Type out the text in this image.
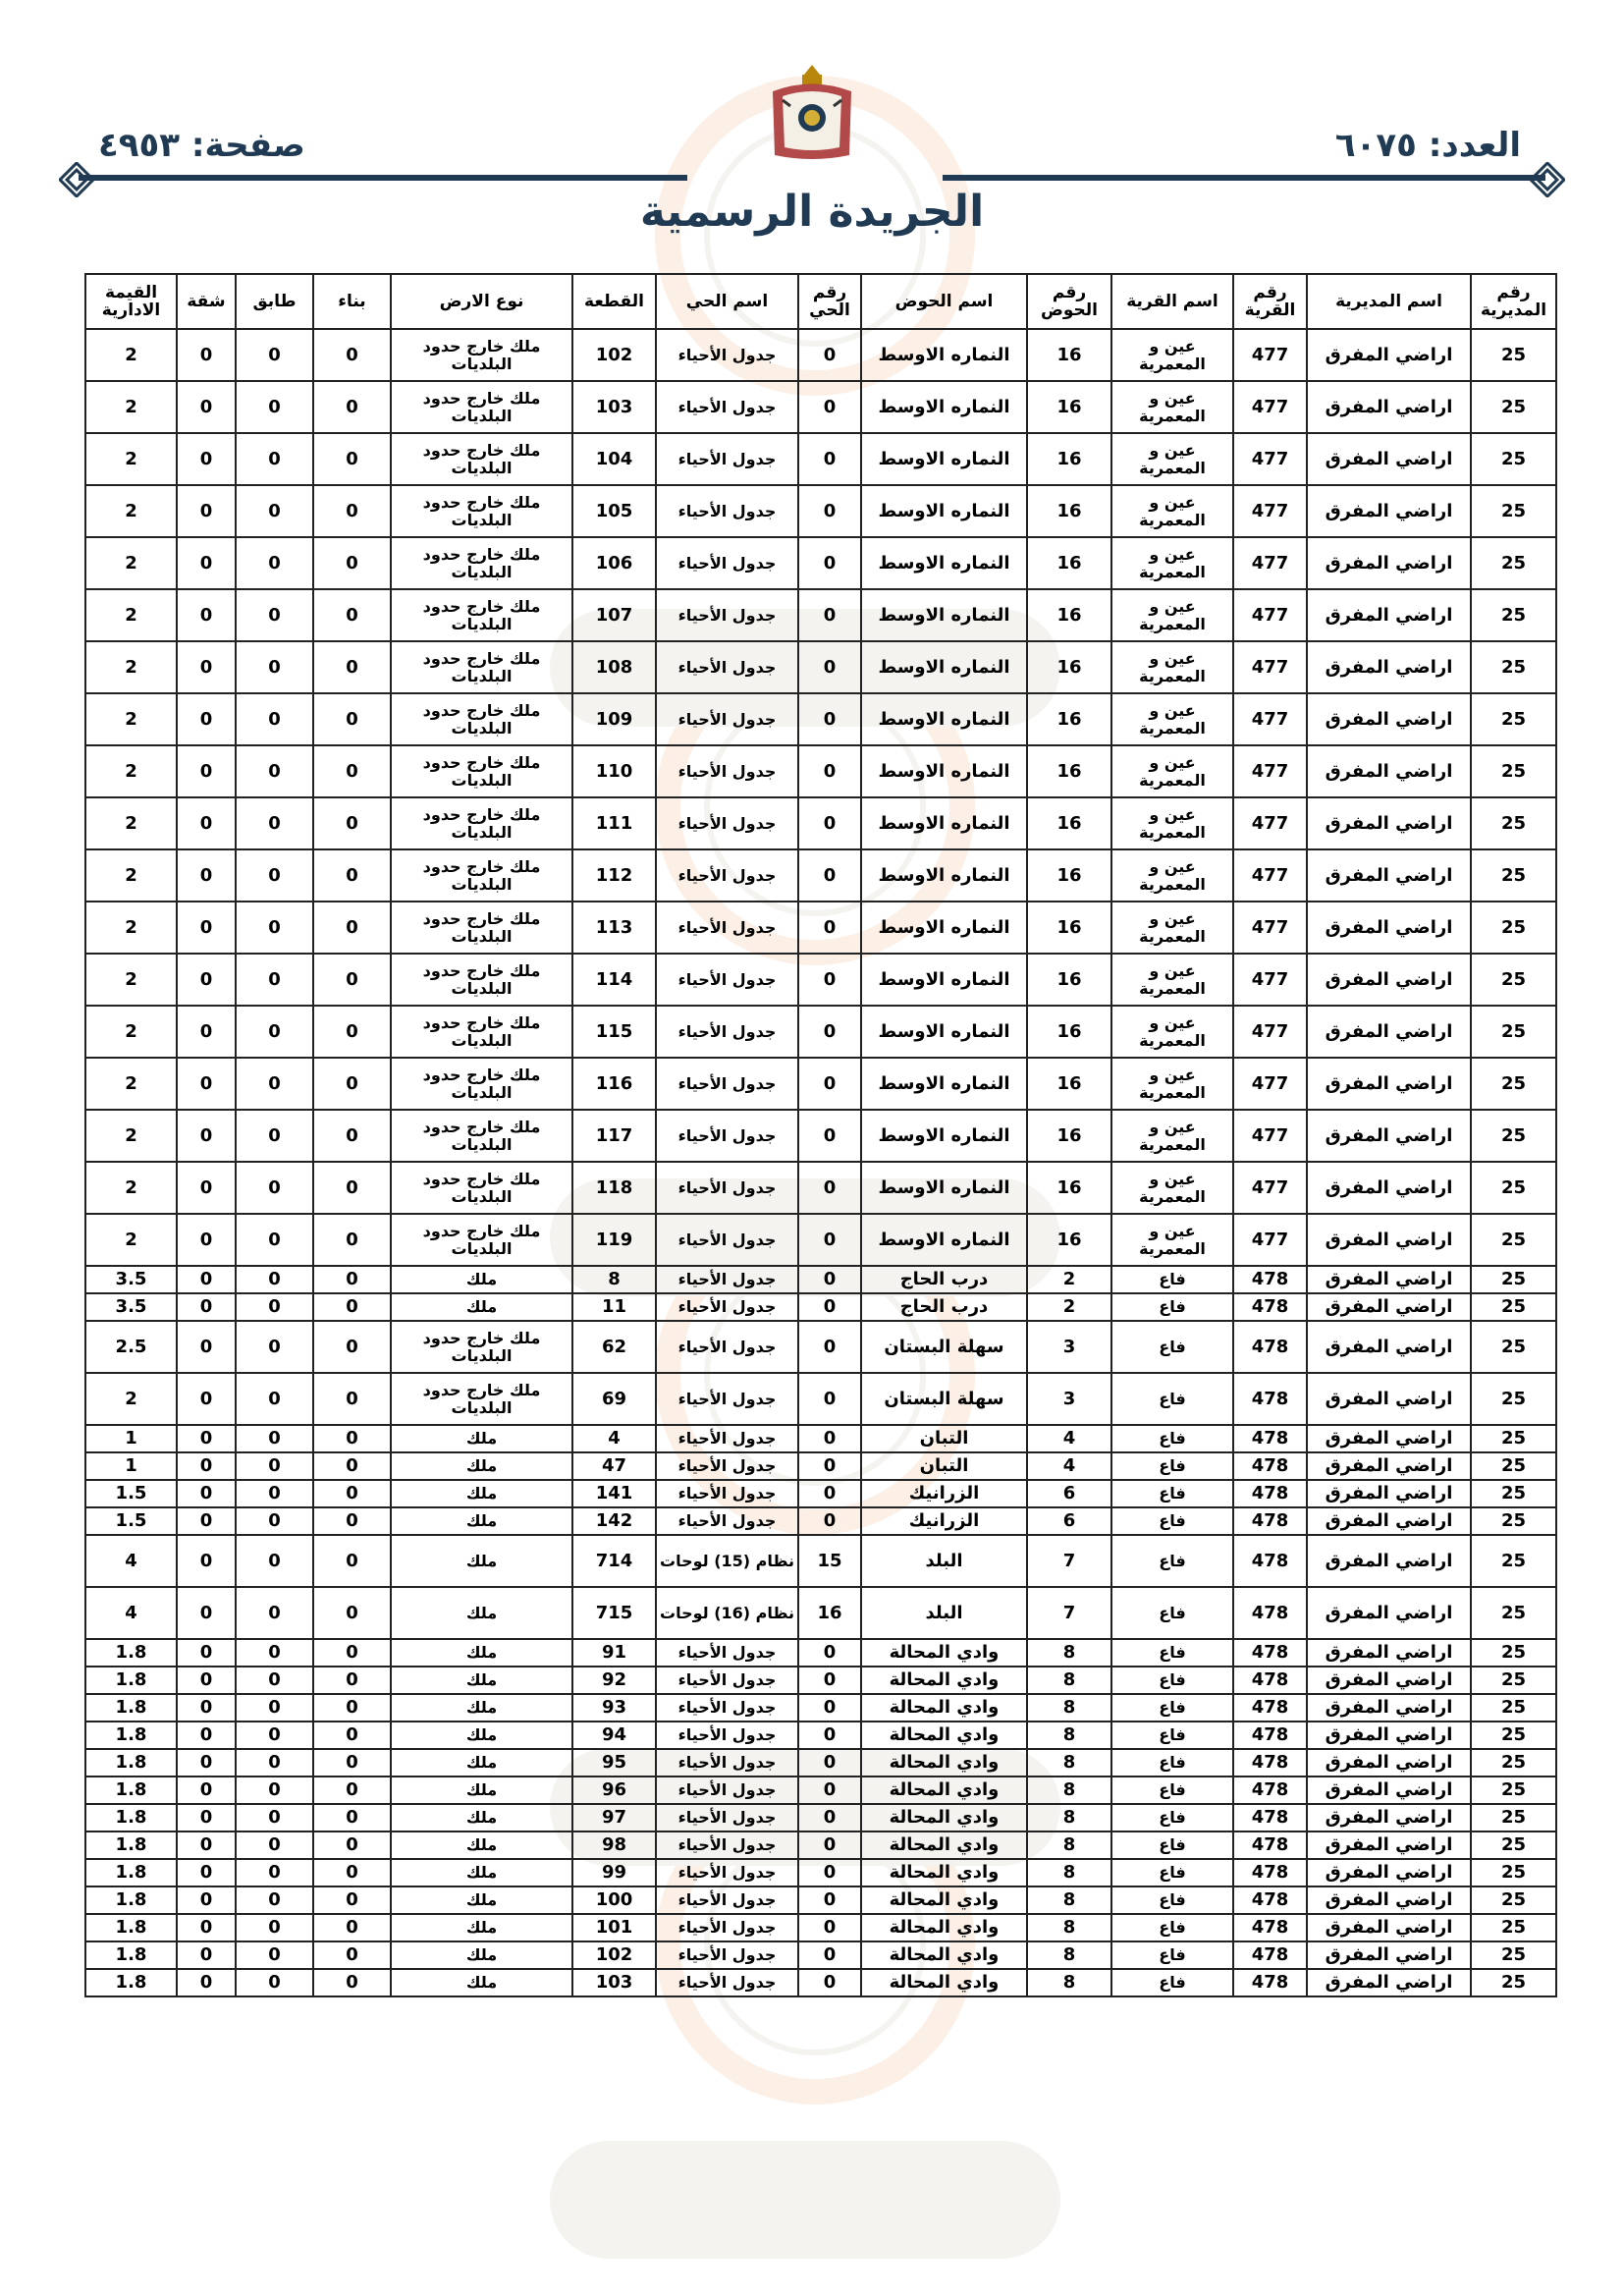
العدد: ٦٠٧٥
صفحة: ٤٩٥٣
الجريدة الرسمية
رقم المديرية	اسم المديرية	رقم القرية	اسم القرية	رقم الحوض	اسم الحوض	رقم الحي	اسم الحي	القطعة	نوع الارض	بناء	طابق	شقة	القيمة الادارية
25	اراضي المفرق	477	عين و المعمرية	16	النماره الاوسط	0	جدول الأحياء	102	ملك خارج حدود البلديات	0	0	0	2
25	اراضي المفرق	477	عين و المعمرية	16	النماره الاوسط	0	جدول الأحياء	103	ملك خارج حدود البلديات	0	0	0	2
25	اراضي المفرق	477	عين و المعمرية	16	النماره الاوسط	0	جدول الأحياء	104	ملك خارج حدود البلديات	0	0	0	2
25	اراضي المفرق	477	عين و المعمرية	16	النماره الاوسط	0	جدول الأحياء	105	ملك خارج حدود البلديات	0	0	0	2
25	اراضي المفرق	477	عين و المعمرية	16	النماره الاوسط	0	جدول الأحياء	106	ملك خارج حدود البلديات	0	0	0	2
25	اراضي المفرق	477	عين و المعمرية	16	النماره الاوسط	0	جدول الأحياء	107	ملك خارج حدود البلديات	0	0	0	2
25	اراضي المفرق	477	عين و المعمرية	16	النماره الاوسط	0	جدول الأحياء	108	ملك خارج حدود البلديات	0	0	0	2
25	اراضي المفرق	477	عين و المعمرية	16	النماره الاوسط	0	جدول الأحياء	109	ملك خارج حدود البلديات	0	0	0	2
25	اراضي المفرق	477	عين و المعمرية	16	النماره الاوسط	0	جدول الأحياء	110	ملك خارج حدود البلديات	0	0	0	2
25	اراضي المفرق	477	عين و المعمرية	16	النماره الاوسط	0	جدول الأحياء	111	ملك خارج حدود البلديات	0	0	0	2
25	اراضي المفرق	477	عين و المعمرية	16	النماره الاوسط	0	جدول الأحياء	112	ملك خارج حدود البلديات	0	0	0	2
25	اراضي المفرق	477	عين و المعمرية	16	النماره الاوسط	0	جدول الأحياء	113	ملك خارج حدود البلديات	0	0	0	2
25	اراضي المفرق	477	عين و المعمرية	16	النماره الاوسط	0	جدول الأحياء	114	ملك خارج حدود البلديات	0	0	0	2
25	اراضي المفرق	477	عين و المعمرية	16	النماره الاوسط	0	جدول الأحياء	115	ملك خارج حدود البلديات	0	0	0	2
25	اراضي المفرق	477	عين و المعمرية	16	النماره الاوسط	0	جدول الأحياء	116	ملك خارج حدود البلديات	0	0	0	2
25	اراضي المفرق	477	عين و المعمرية	16	النماره الاوسط	0	جدول الأحياء	117	ملك خارج حدود البلديات	0	0	0	2
25	اراضي المفرق	477	عين و المعمرية	16	النماره الاوسط	0	جدول الأحياء	118	ملك خارج حدود البلديات	0	0	0	2
25	اراضي المفرق	477	عين و المعمرية	16	النماره الاوسط	0	جدول الأحياء	119	ملك خارج حدود البلديات	0	0	0	2
25	اراضي المفرق	478	فاع	2	درب الحاج	0	جدول الأحياء	8	ملك	0	0	0	3.5
25	اراضي المفرق	478	فاع	2	درب الحاج	0	جدول الأحياء	11	ملك	0	0	0	3.5
25	اراضي المفرق	478	فاع	3	سهلة البستان	0	جدول الأحياء	62	ملك خارج حدود البلديات	0	0	0	2.5
25	اراضي المفرق	478	فاع	3	سهلة البستان	0	جدول الأحياء	69	ملك خارج حدود البلديات	0	0	0	2
25	اراضي المفرق	478	فاع	4	التبان	0	جدول الأحياء	4	ملك	0	0	0	1
25	اراضي المفرق	478	فاع	4	التبان	0	جدول الأحياء	47	ملك	0	0	0	1
25	اراضي المفرق	478	فاع	6	الزرانيك	0	جدول الأحياء	141	ملك	0	0	0	1.5
25	اراضي المفرق	478	فاع	6	الزرانيك	0	جدول الأحياء	142	ملك	0	0	0	1.5
25	اراضي المفرق	478	فاع	7	البلد	15	نظام (15) لوحات	714	ملك	0	0	0	4
25	اراضي المفرق	478	فاع	7	البلد	16	نظام (16) لوحات	715	ملك	0	0	0	4
25	اراضي المفرق	478	فاع	8	وادي المحالة	0	جدول الأحياء	91	ملك	0	0	0	1.8
25	اراضي المفرق	478	فاع	8	وادي المحالة	0	جدول الأحياء	92	ملك	0	0	0	1.8
25	اراضي المفرق	478	فاع	8	وادي المحالة	0	جدول الأحياء	93	ملك	0	0	0	1.8
25	اراضي المفرق	478	فاع	8	وادي المحالة	0	جدول الأحياء	94	ملك	0	0	0	1.8
25	اراضي المفرق	478	فاع	8	وادي المحالة	0	جدول الأحياء	95	ملك	0	0	0	1.8
25	اراضي المفرق	478	فاع	8	وادي المحالة	0	جدول الأحياء	96	ملك	0	0	0	1.8
25	اراضي المفرق	478	فاع	8	وادي المحالة	0	جدول الأحياء	97	ملك	0	0	0	1.8
25	اراضي المفرق	478	فاع	8	وادي المحالة	0	جدول الأحياء	98	ملك	0	0	0	1.8
25	اراضي المفرق	478	فاع	8	وادي المحالة	0	جدول الأحياء	99	ملك	0	0	0	1.8
25	اراضي المفرق	478	فاع	8	وادي المحالة	0	جدول الأحياء	100	ملك	0	0	0	1.8
25	اراضي المفرق	478	فاع	8	وادي المحالة	0	جدول الأحياء	101	ملك	0	0	0	1.8
25	اراضي المفرق	478	فاع	8	وادي المحالة	0	جدول الأحياء	102	ملك	0	0	0	1.8
25	اراضي المفرق	478	فاع	8	وادي المحالة	0	جدول الأحياء	103	ملك	0	0	0	1.8
